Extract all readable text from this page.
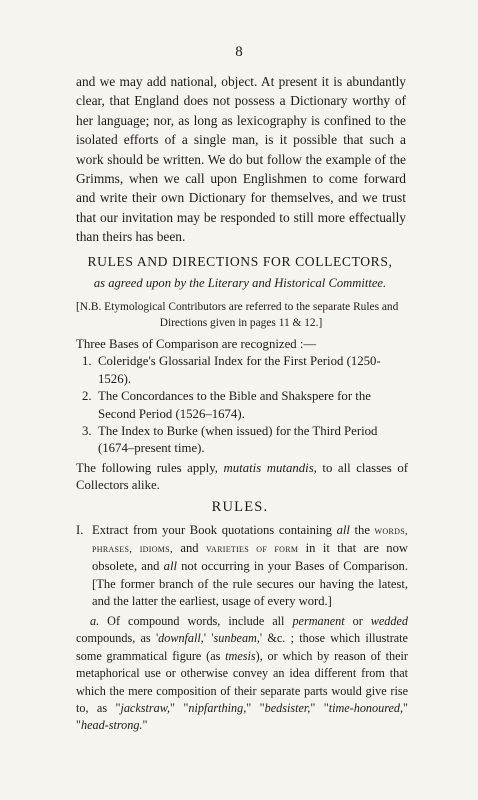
8

and we may add national, object. At present it is abundantly clear, that England does not possess a Dictionary worthy of her language; nor, as long as lexicography is confined to the isolated efforts of a single man, is it possible that such a work should be written. We do but follow the example of the Grimms, when we call upon Englishmen to come forward and write their own Dictionary for themselves, and we trust that our invitation may be responded to still more effectually than theirs has been.

RULES AND DIRECTIONS FOR COLLECTORS,
as agreed upon by the Literary and Historical Committee.
[N.B. Etymological Contributors are referred to the separate Rules and
Directions given in pages 11 & 12.]

Three Bases of Comparison are recognized :—

1. Coleridge's Glossarial Index for the First Period (1250-1526).
2. The Concordances to the Bible and Shakspere for the Second Period (1526–1674).
3. The Index to Burke (when issued) for the Third Period (1674–present time).

The following rules apply, mutatis mutandis, to all classes of Collectors alike.

RULES.
I. Extract from your Book quotations containing all the words, phrases, idioms, and varieties of form in it that are now obsolete, and all not occurring in your Bases of Comparison. [The former branch of the rule secures our having the latest, and the latter the earliest, usage of every word.]

a. Of compound words, include all permanent or wedded compounds, as 'downfall,' 'sunbeam,' &c. ; those which illustrate some grammatical figure (as tmesis), or which by reason of their metaphorical use or otherwise convey an idea different from that which the mere composition of their separate parts would give rise to, as "jackstraw," "nipfarthing," "bedsister," "time-honoured," "head-strong."
